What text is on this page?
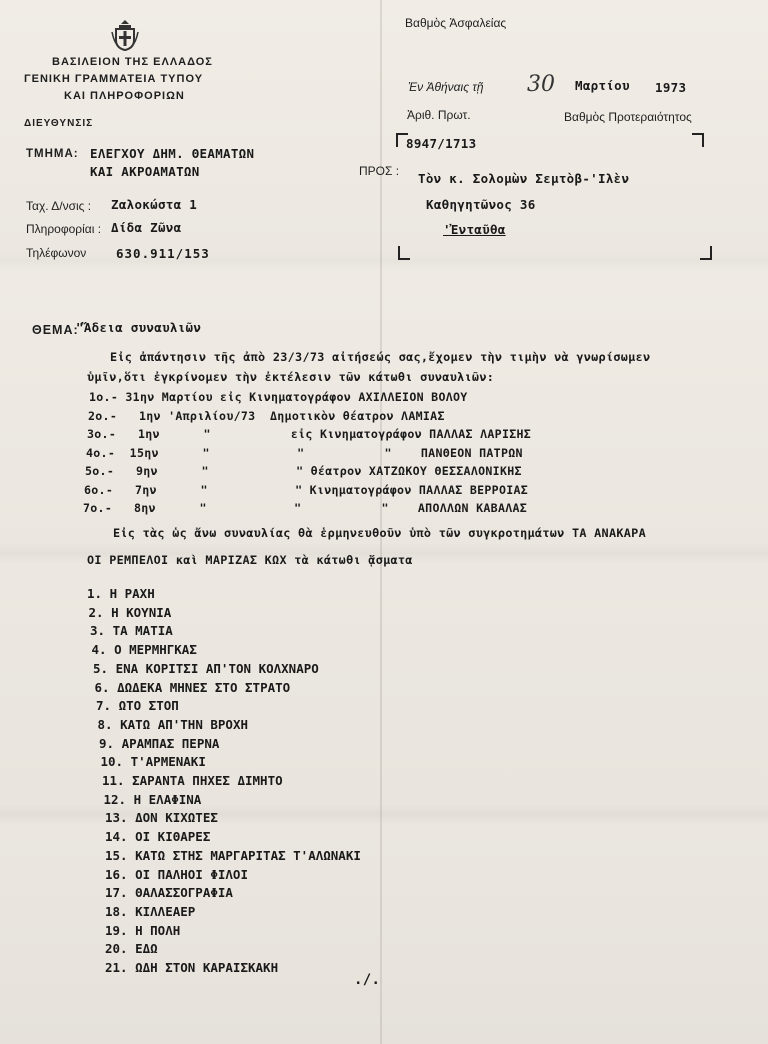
Βαθμὸς Ἀσφαλείας
ΒΑΣΙΛΕΙΟΝ ΤΗΣ ΕΛΛΑΔΟΣ
ΓΕΝΙΚΗ ΓΡΑΜΜΑΤΕΙΑ ΤΥΠΟΥ
ΚΑΙ ΠΛΗΡΟΦΟΡΙΩΝ
ΔΙΕΥΘΥΝΣΙΣ
Ἐν Ἀθήναις τῇ 30 Μαρτίου 1973
Ἀριθ. Πρωτ.	Βαθμὸς Προτεραιότητος
8947/1713
ΤΜΗΜΑ: ΕΛΕΓΧΟΥ ΔΗΜ. ΘΕΑΜΑΤΩΝ
ΚΑΙ ΑΚΡΟΑΜΑΤΩΝ	ΠΡΟΣ : Τὸν κ. Σολομὼν Σεμτὸβ-'Ιλὲν
Καθηγητῶνος 36
'Ἐνταῦθα
Ταχ. Δ/νσις : Ζαλοκώστα 1
Πληροφορίαι : Δίδα Ζῶνα
Τηλέφωνον 630.911/153
ΘΕΜΑ:
"Ἄδεια συναυλιῶν
Εἰς ἀπάντησιν τῆς ἀπὸ 23/3/73 αἰτήσεώς σας,ἔχομεν τὴν τιμὴν νὰ γνωρίσωμεν
ὑμῖν,ὅτι ἐγκρίνομεν τὴν ἐκτέλεσιν τῶν κάτωθι συναυλιῶν:
1ο.- 31ην Μαρτίου εἰς Κινηματογράφον ΑΧΙΛΛΕΙΟΝ ΒΟΛΟΥ
2ο.-   1ην 'Απριλίου/73  Δημοτικὸν θέατρον ΛΑΜΙΑΣ
3ο.-   1ην      "           εἰς Κινηματογράφον ΠΑΛΛΑΣ ΛΑΡΙΣΗΣ
4ο.-  15ην      "            "           "    ΠΑΝΘΕΟΝ ΠΑΤΡΩΝ
5ο.-   9ην      "            " θέατρον ΧΑΤΖΩΚΟΥ ΘΕΣΣΑΛΟΝΙΚΗΣ
6ο.-   7ην      "            " Κινηματογράφον ΠΑΛΛΑΣ ΒΕΡΡΟΙΑΣ
7ο.-   8ην      "            "           "    ΑΠΟΛΛΩΝ ΚΑΒΑΛΑΣ
Εἰς τὰς ὡς ἄνω συναυλίας θὰ ἑρμηνευθοῦν ὑπὸ τῶν συγκροτημάτων ΤΑ ΑΝΑΚΑΡΑ
ΟΙ ΡΕΜΠΕΛΟΙ καὶ ΜΑΡΙΖΑΣ ΚΩΧ τὰ κάτωθι ᾄσματα
1. Η ΡΑΧΗ
2. Η ΚΟΥΝΙΑ
3. ΤΑ ΜΑΤΙΑ
4. Ο ΜΕΡΜΗΓΚΑΣ
5. ΕΝΑ ΚΟΡΙΤΣΙ ΑΠ'ΤΟΝ ΚΟΛΧΝΑΡΟ
6. ΔΩΔΕΚΑ ΜΗΝΕΣ ΣΤΟ ΣΤΡΑΤΟ
7. ΩΤΟ ΣΤΟΠ
8. ΚΑΤΩ ΑΠ'ΤΗΝ ΒΡΟΧΗ
9. ΑΡΑΜΠΑΣ ΠΕΡΝΑ
10. Τ'ΑΡΜΕΝΑΚΙ
11. ΣΑΡΑΝΤΑ ΠΗΧΕΣ ΔΙΜΗΤΟ
12. Η ΕΛΑΦΙΝΑ
13. ΔΟΝ ΚΙΧΩΤΕΣ
14. ΟΙ ΚΙΘΑΡΕΣ
15. ΚΑΤΩ ΣΤΗΣ ΜΑΡΓΑΡΙΤΑΣ Τ'ΑΛΩΝΑΚΙ
16. ΟΙ ΠΑΛΗΟΙ ΦΙΛΟΙ
17. ΘΑΛΑΣΣΟΓΡΑΦΙΑ
18. ΚΙΛΛΕΑΕΡ
19. Η ΠΟΛΗ
20. ΕΔΩ
21. ΩΔΗ ΣΤΟΝ ΚΑΡΑΙΣΚΑΚΗ
./.
